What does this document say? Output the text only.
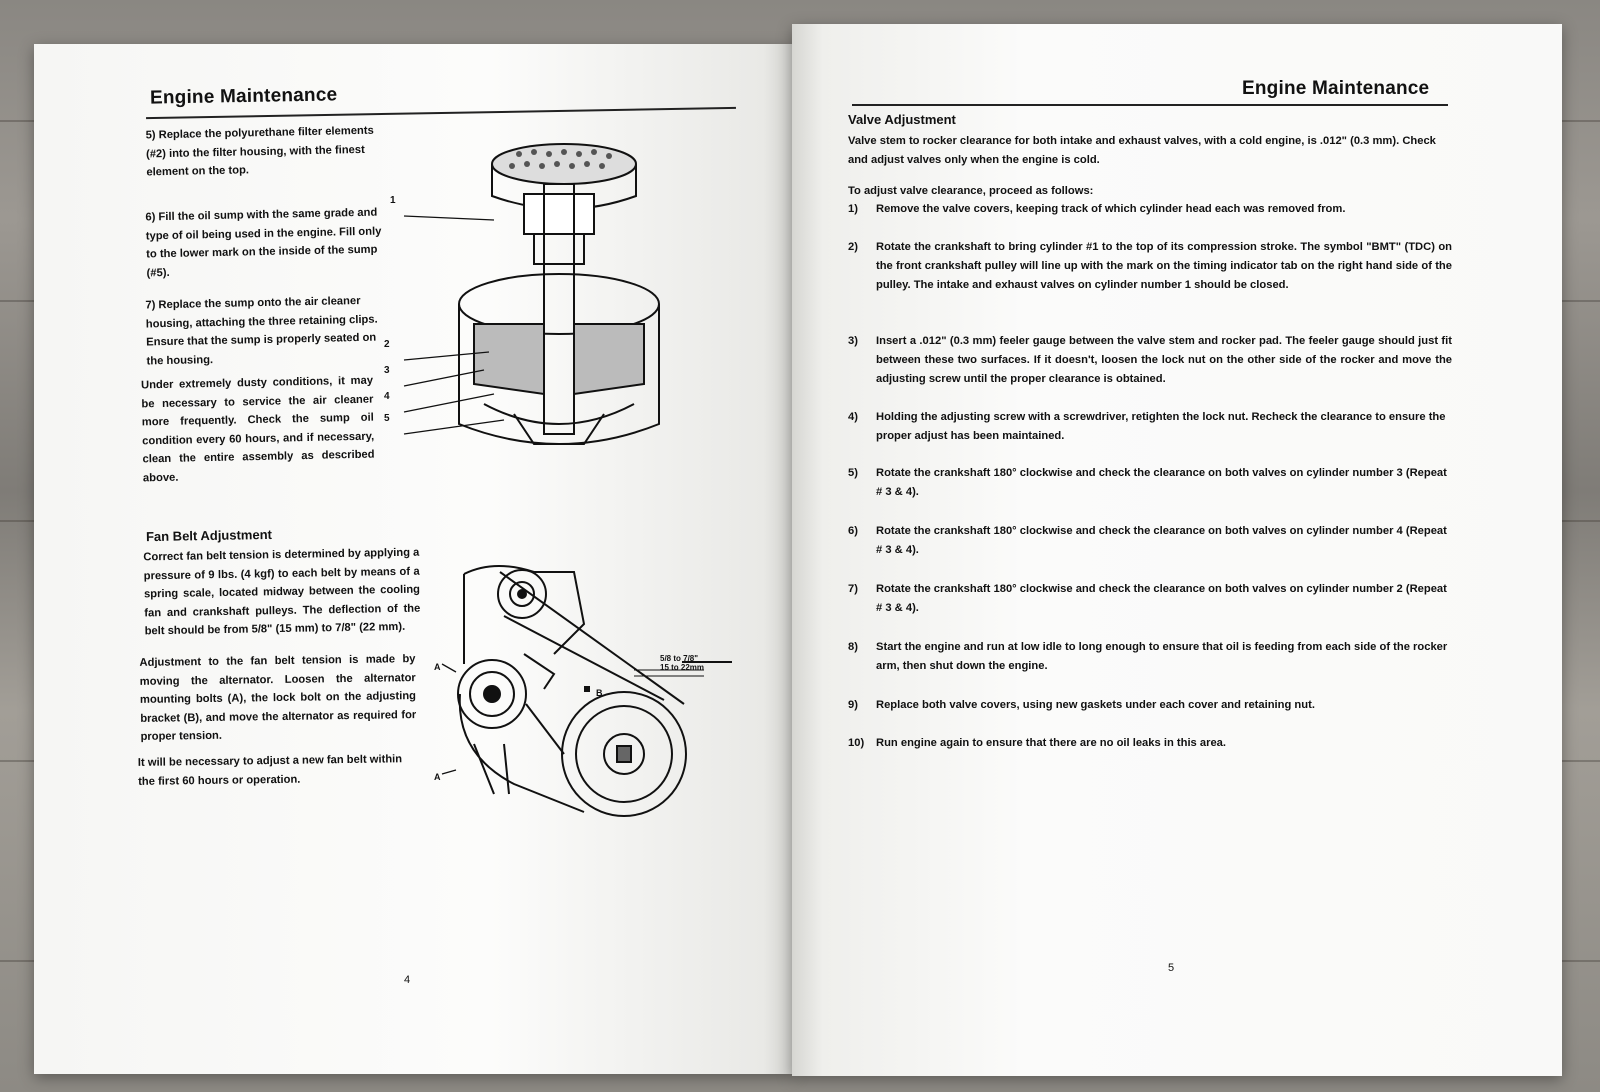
Engine Maintenance
5) Replace the polyurethane filter elements (#2) into the filter housing, with the finest element on the top.
6) Fill the oil sump with the same grade and type of oil being used in the engine. Fill only to the lower mark on the inside of the sump (#5).
7) Replace the sump onto the air cleaner housing, attaching the three retaining clips. Ensure that the sump is properly seated on the housing.
Under extremely dusty conditions, it may be necessary to service the air cleaner more frequently. Check the sump oil condition every 60 hours, and if necessary, clean the entire assembly as described above.
1
2
3
4
5
Fan Belt Adjustment
Correct fan belt tension is determined by applying a pressure of 9 lbs. (4 kgf) to each belt by means of a spring scale, located midway between the cooling fan and crankshaft pulleys. The deflection of the belt should be from 5/8" (15 mm) to 7/8" (22 mm).
Adjustment to the fan belt tension is made by moving the alternator. Loosen the alternator mounting bolts (A), the lock bolt on the adjusting bracket (B), and move the alternator as required for proper tension.
It will be necessary to adjust a new fan belt within the first 60 hours or operation.
5/8 to 7/8"
15 to 22mm
A
A
B
4
Engine Maintenance
Valve Adjustment
Valve stem to rocker clearance for both intake and exhaust valves, with a cold engine, is .012" (0.3 mm). Check and adjust valves only when the engine is cold.
To adjust valve clearance, proceed as follows:
1)	Remove the valve covers, keeping track of which cylinder head each was removed from.
2)	Rotate the crankshaft to bring cylinder #1 to the top of its compression stroke. The symbol "BMT" (TDC) on the front crankshaft pulley will line up with the mark on the timing indicator tab on the right hand side of the pulley. The intake and exhaust valves on cylinder number 1 should be closed.
3)	Insert a .012" (0.3 mm) feeler gauge between the valve stem and rocker pad. The feeler gauge should just fit between these two surfaces. If it doesn't, loosen the lock nut on the other side of the rocker and move the adjusting screw until the proper clearance is obtained.
4)	Holding the adjusting screw with a screwdriver, retighten the lock nut. Recheck the clearance to ensure the proper adjust has been maintained.
5)	Rotate the crankshaft 180° clockwise and check the clearance on both valves on cylinder number 3 (Repeat # 3 & 4).
6)	Rotate the crankshaft 180° clockwise and check the clearance on both valves on cylinder number 4 (Repeat # 3 & 4).
7)	Rotate the crankshaft 180° clockwise and check the clearance on both valves on cylinder number 2 (Repeat # 3 & 4).
8)	Start the engine and run at low idle to long enough to ensure that oil is feeding from each side of the rocker arm, then shut down the engine.
9)	Replace both valve covers, using new gaskets under each cover and retaining nut.
10)	Run engine again to ensure that there are no oil leaks in this area.
5
